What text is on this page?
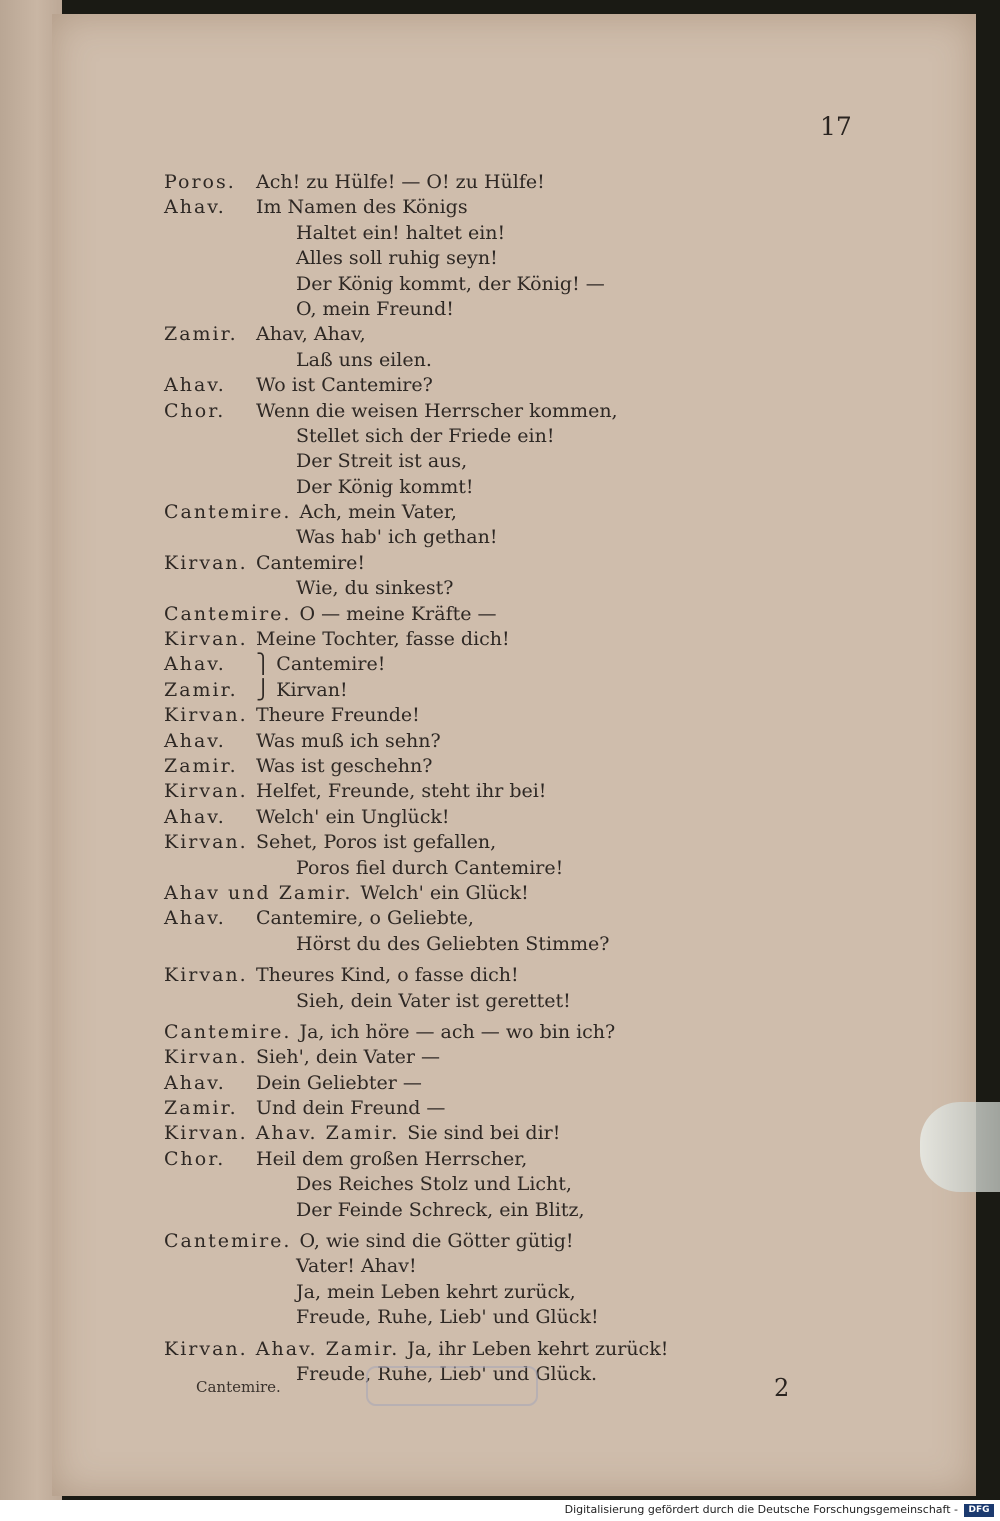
17
Poros. Ach! zu Hülfe! — O! zu Hülfe!
Ahav. Im Namen des Königs
Haltet ein! haltet ein!
Alles soll ruhig seyn!
Der König kommt, der König! —
O, mein Freund!
Zamir. Ahav, Ahav,
Laß uns eilen.
Ahav. Wo ist Cantemire?
Chor. Wenn die weisen Herrscher kommen,
Stellet sich der Friede ein!
Der Streit ist aus,
Der König kommt!
Cantemire. Ach, mein Vater,
Was hab' ich gethan!
Kirvan. Cantemire!
Wie, du sinkest?
Cantemire. O — meine Kräfte —
Kirvan. Meine Tochter, fasse dich!
Ahav. ⎫ Cantemire!
Zamir. ⎭ Kirvan!
Kirvan. Theure Freunde!
Ahav. Was muß ich sehn?
Zamir. Was ist geschehn?
Kirvan. Helfet, Freunde, steht ihr bei!
Ahav. Welch' ein Unglück!
Kirvan. Sehet, Poros ist gefallen,
Poros fiel durch Cantemire!
Ahav und Zamir. Welch' ein Glück!
Ahav. Cantemire, o Geliebte,
Hörst du des Geliebten Stimme?
Kirvan. Theures Kind, o fasse dich!
Sieh, dein Vater ist gerettet!
Cantemire. Ja, ich höre — ach — wo bin ich?
Kirvan. Sieh', dein Vater —
Ahav. Dein Geliebter —
Zamir. Und dein Freund —
Kirvan. Ahav. Zamir. Sie sind bei dir!
Chor. Heil dem großen Herrscher,
Des Reiches Stolz und Licht,
Der Feinde Schreck, ein Blitz,
Cantemire. O, wie sind die Götter gütig!
Vater! Ahav!
Ja, mein Leben kehrt zurück,
Freude, Ruhe, Lieb' und Glück!
Kirvan. Ahav. Zamir. Ja, ihr Leben kehrt zurück!
Freude, Ruhe, Lieb' und Glück.
Cantemire.	2
Digitalisierung gefördert durch die Deutsche Forschungsgemeinschaft -	DFG
